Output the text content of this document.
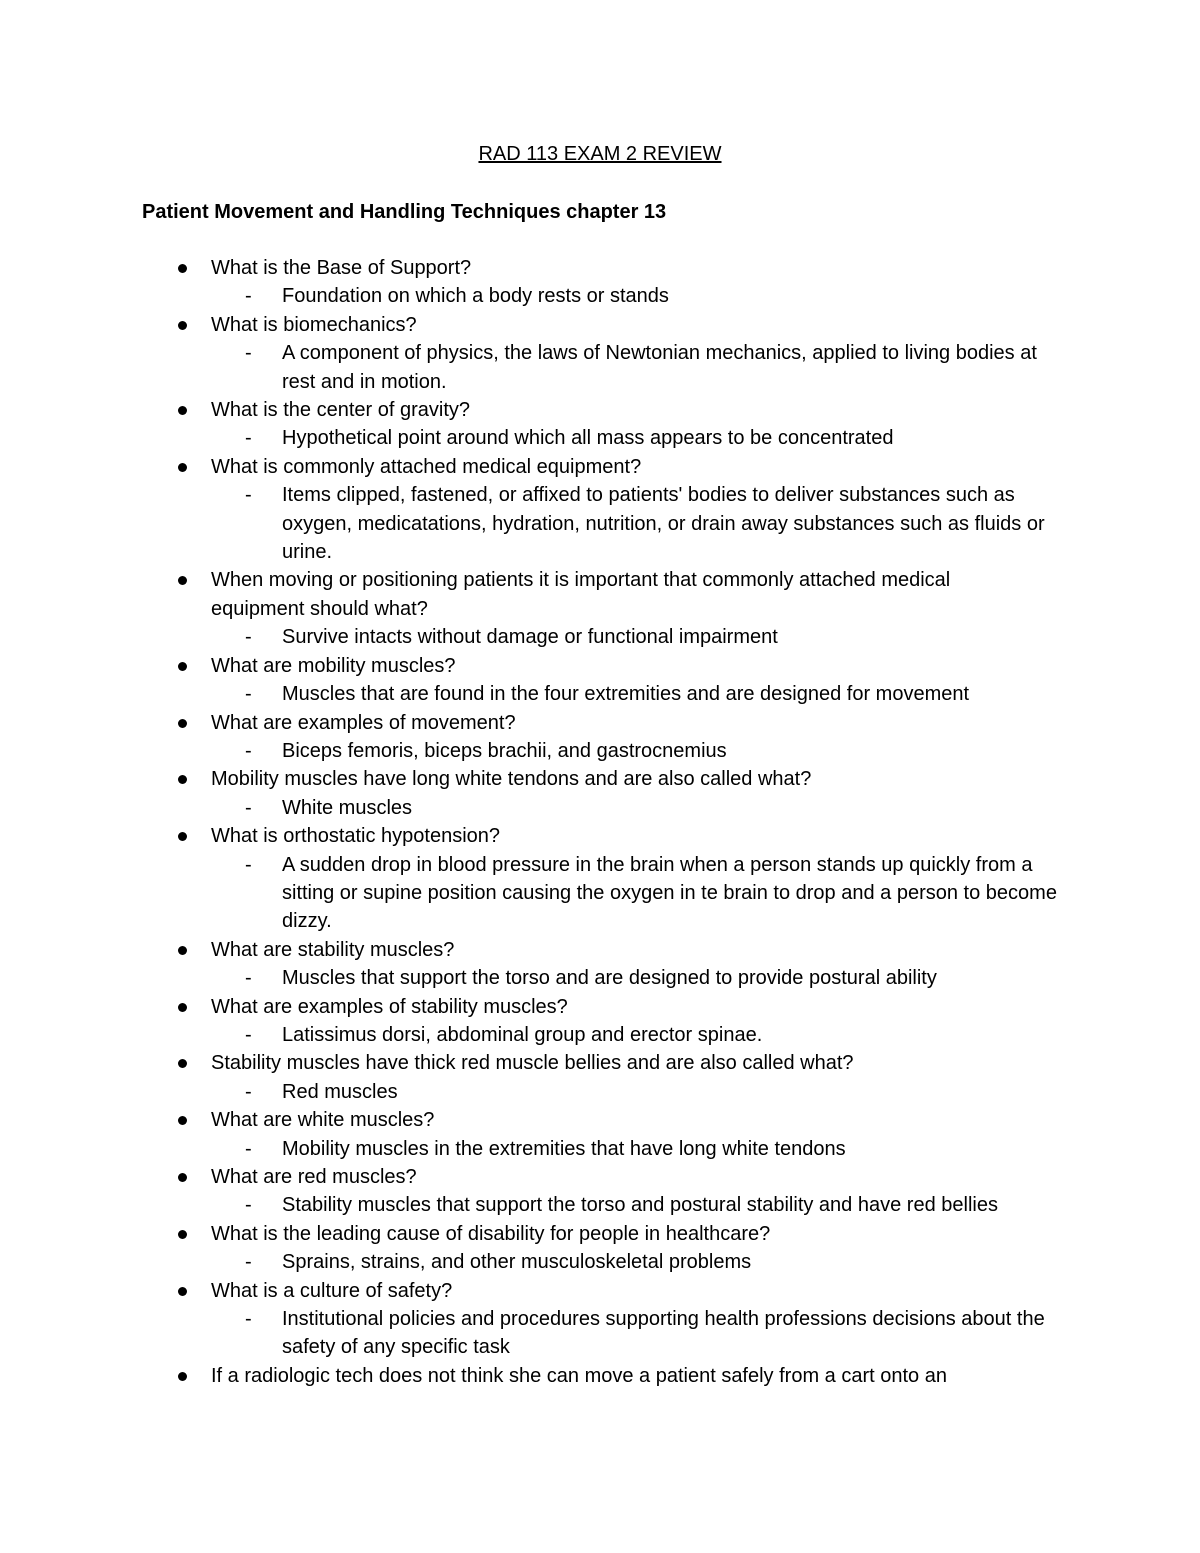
RAD 113 EXAM 2 REVIEW
Patient Movement and Handling Techniques chapter 13
What is the Base of Support?
- Foundation on which a body rests or stands
What is biomechanics?
- A component of physics, the laws of Newtonian mechanics, applied to living bodies at rest and in motion.
What is the center of gravity?
- Hypothetical point around which all mass appears to be concentrated
What is commonly attached medical equipment?
- Items clipped, fastened, or affixed to patients' bodies to deliver substances such as oxygen, medicatations, hydration, nutrition, or drain away substances such as fluids or urine.
When moving or positioning patients it is important that commonly attached medical equipment should what?
- Survive intacts without damage or functional impairment
What are mobility muscles?
- Muscles that are found in the four extremities and are designed for movement
What are examples of movement?
- Biceps femoris, biceps brachii, and gastrocnemius
Mobility muscles have long white tendons and are also called what?
- White muscles
What is orthostatic hypotension?
- A sudden drop in blood pressure in the brain when a person stands up quickly from a sitting or supine position causing the oxygen in te brain to drop and a person to become dizzy.
What are stability muscles?
- Muscles that support the torso and are designed to provide postural ability
What are examples of stability muscles?
- Latissimus dorsi, abdominal group and erector spinae.
Stability muscles have thick red muscle bellies and are also called what?
- Red muscles
What are white muscles?
- Mobility muscles in the extremities that have long white tendons
What are red muscles?
- Stability muscles that support the torso and postural stability and have red bellies
What is the leading cause of disability for people in healthcare?
- Sprains, strains, and other musculoskeletal problems
What is a culture of safety?
- Institutional policies and procedures supporting health professions decisions about the safety of any specific task
If a radiologic tech does not think she can move a patient safely from a cart onto an
